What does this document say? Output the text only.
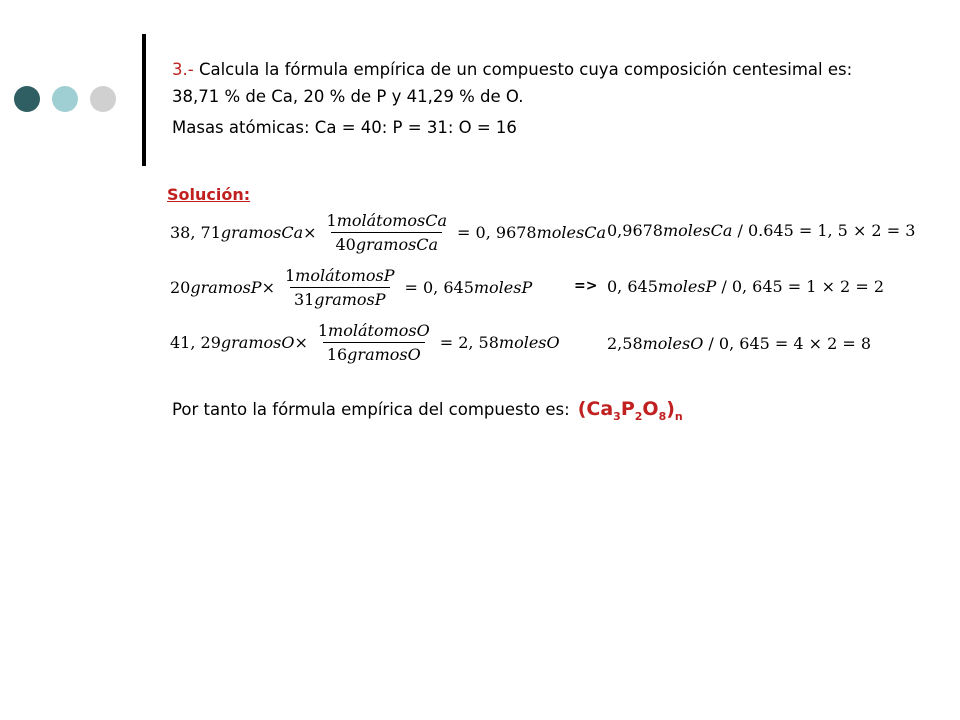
3.- Calcula la fórmula empírica de un compuesto cuya composición centesimal es: 38,71 % de Ca, 20 % de P y 41,29 % de O.
Masas atómicas: Ca = 40: P = 31: O = 16
Solución:
38, 71 gramosCa × $\frac{\text{1molátomosCa}}{\text{40gramosCa}} = 0$, 9678 molesCa
20 gramosP × $\frac{\text{1molátomosP}}{\text{31gramosP}} = 0$, 645 molesP
41, 29 gramosO × $\frac{\text{1molátomosO}}{\text{16gramosO}} = 2$, 58 molesO
=>
0,9678molesCa / 0.645 = 1, 5 × 2 = 3
0, 645molesP / 0, 645 = 1 × 2 = 2
2,58molesO / 0, 645 = 4 × 2 = 8
Por tanto la fórmula empírica del compuesto es: $(Ca_3P_2O_8)_n$
